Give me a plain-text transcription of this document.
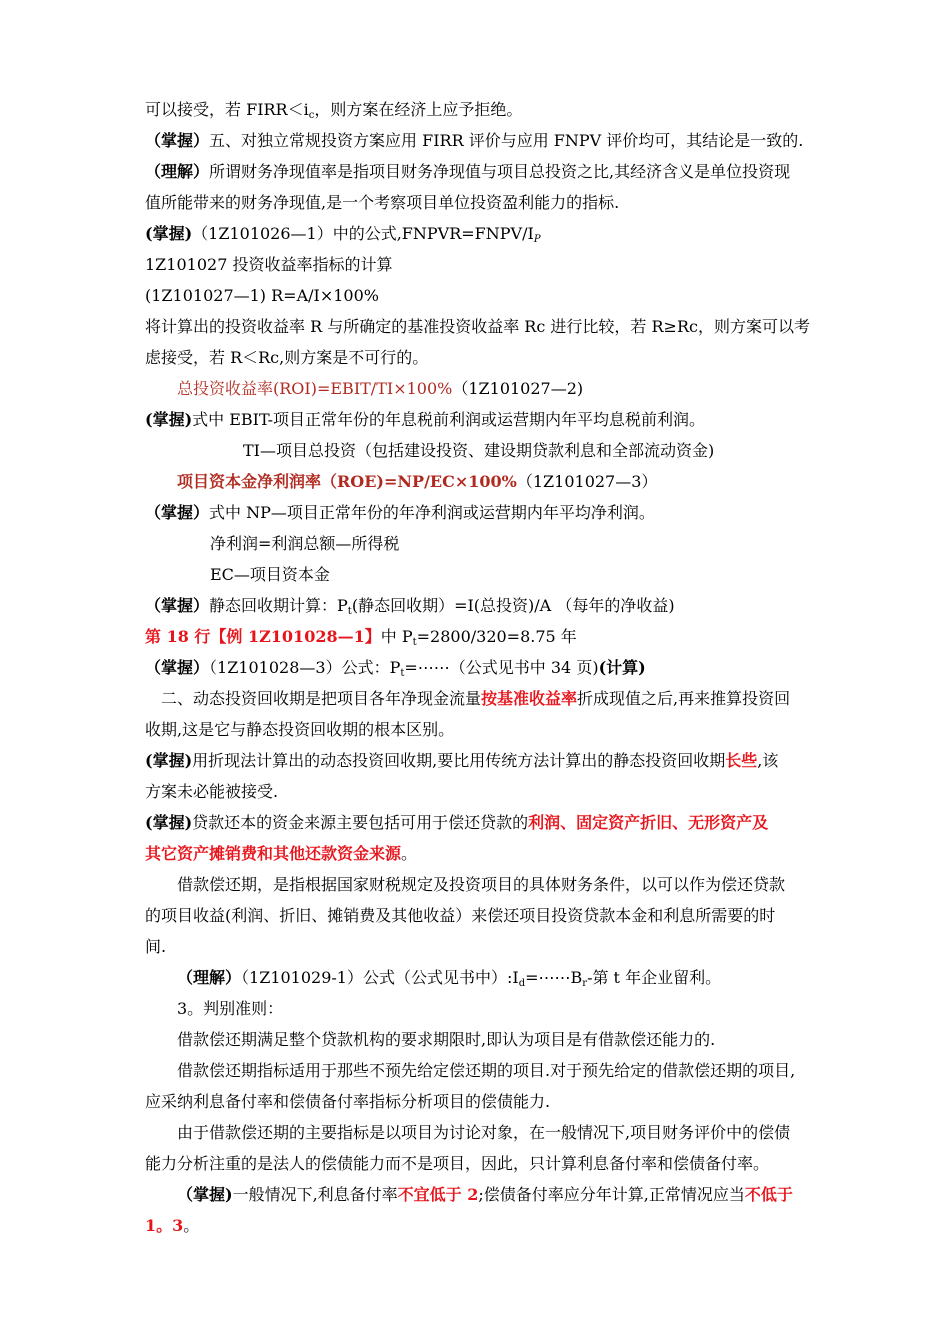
可以接受，若 $FIRR<i_c$，则方案在经济上应予拒绝。
（掌握）五、对独立常规投资方案应用 FIRR 评价与应用 FNPV 评价均可，其结论是一致的.
（理解）所谓财务净现值率是指项目财务净现值与项目总投资之比,其经济含义是单位投资现
值所能带来的财务净现值,是一个考察项目单位投资盈利能力的指标.
(掌握)（1Z101026—1）中的公式$,FNPVR=FNPV/I_P$
1Z101027 投资收益率指标的计算
(1Z101027—1) R=A/I×100%
将计算出的投资收益率 R 与所确定的基准投资收益率 Rc 进行比较，若 R≥Rc，则方案可以考
虑接受，若 R＜Rc,则方案是不可行的。
总投资收益率(ROI)=EBIT/TI×100%（1Z101027—2)
(掌握)式中 EBIT-项目正常年份的年息税前利润或运营期内年平均息税前利润。
TI—项目总投资（包括建设投资、建设期贷款利息和全部流动资金)
项目资本金净利润率（ROE)=NP/EC×100%（1Z101027—3）
（掌握）式中 NP—项目正常年份的年净利润或运营期内年平均净利润。
净利润=利润总额—所得税
EC—项目资本金
（掌握）静态回收期计算：$P_t$(静态回收期）=I(总投资)/A （每年的净收益)
第 18 行【例 1Z101028—1】中 $P_t=2800/320=8.75$ 年
（掌握）（1Z101028—3）公式：$P_t=\cdots\cdots$（公式见书中 34 页)(计算)
二、动态投资回收期是把项目各年净现金流量按基准收益率折成现值之后,再来推算投资回
收期,这是它与静态投资回收期的根本区别。
(掌握)用折现法计算出的动态投资回收期,要比用传统方法计算出的静态投资回收期长些,该
方案未必能被接受.
(掌握)贷款还本的资金来源主要包括可用于偿还贷款的利润、固定资产折旧、无形资产及
其它资产摊销费和其他还款资金来源。
借款偿还期，是指根据国家财税规定及投资项目的具体财务条件，以可以作为偿还贷款
的项目收益(利润、折旧、摊销费及其他收益）来偿还项目投资贷款本金和利息所需要的时
间.
（理解）（1Z101029-1）公式（公式见书中）$:I_d=\cdots\cdots B_r-$第 t 年企业留利。
3。判别准则：
借款偿还期满足整个贷款机构的要求期限时,即认为项目是有借款偿还能力的.
借款偿还期指标适用于那些不预先给定偿还期的项目.对于预先给定的借款偿还期的项目,
应采纳利息备付率和偿债备付率指标分析项目的偿债能力.
由于借款偿还期的主要指标是以项目为讨论对象，在一般情况下,项目财务评价中的偿债
能力分析注重的是法人的偿债能力而不是项目，因此，只计算利息备付率和偿债备付率。
（掌握)一般情况下,利息备付率不宜低于 2;偿债备付率应分年计算,正常情况应当不低于
1。3。
